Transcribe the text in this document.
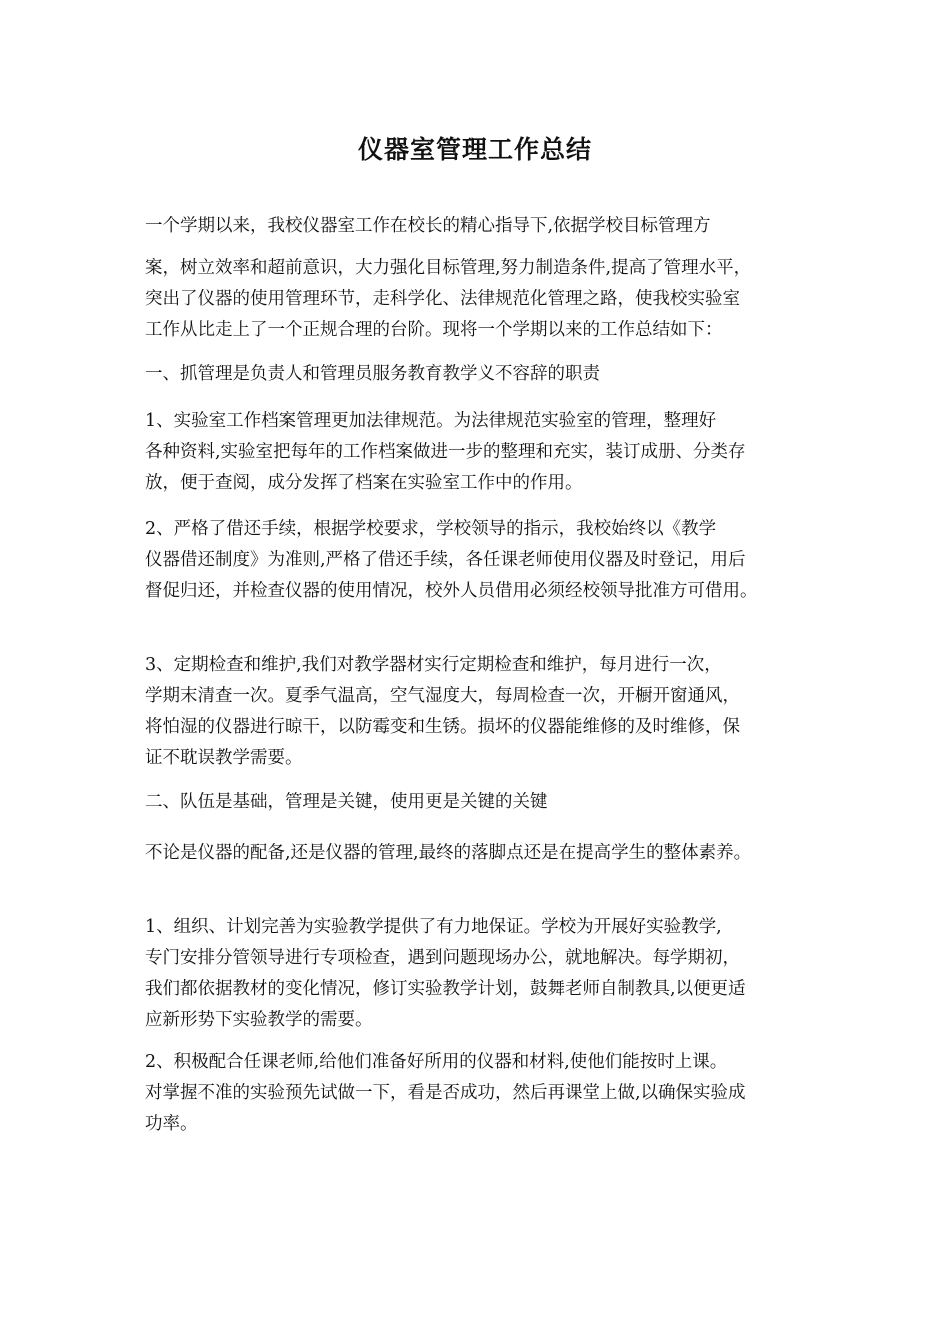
仪器室管理工作总结
一个学期以来，我校仪器室工作在校长的精心指导下,依据学校目标管理方
案，树立效率和超前意识，大力强化目标管理,努力制造条件,提高了管理水平，
突出了仪器的使用管理环节，走科学化、法律规范化管理之路，使我校实验室
工作从比走上了一个正规合理的台阶。现将一个学期以来的工作总结如下：
一、抓管理是负责人和管理员服务教育教学义不容辞的职责
1、实验室工作档案管理更加法律规范。为法律规范实验室的管理，整理好
各种资料,实验室把每年的工作档案做进一步的整理和充实，装订成册、分类存
放，便于查阅，成分发挥了档案在实验室工作中的作用。
2、严格了借还手续，根据学校要求，学校领导的指示，我校始终以《教学
仪器借还制度》为准则,严格了借还手续，各任课老师使用仪器及时登记，用后
督促归还，并检查仪器的使用情况，校外人员借用必须经校领导批准方可借用。
3、定期检查和维护,我们对教学器材实行定期检查和维护，每月进行一次，
学期末清查一次。夏季气温高，空气湿度大，每周检查一次，开橱开窗通风，
将怕湿的仪器进行晾干，以防霉变和生锈。损坏的仪器能维修的及时维修，保
证不耽误教学需要。
二、队伍是基础，管理是关键，使用更是关键的关键
不论是仪器的配备,还是仪器的管理,最终的落脚点还是在提高学生的整体素养。
1、组织、计划完善为实验教学提供了有力地保证。学校为开展好实验教学,
专门安排分管领导进行专项检查，遇到问题现场办公，就地解决。每学期初，
我们都依据教材的变化情况，修订实验教学计划，鼓舞老师自制教具,以便更适
应新形势下实验教学的需要。
2、积极配合任课老师,给他们准备好所用的仪器和材料,使他们能按时上课。
对掌握不准的实验预先试做一下，看是否成功，然后再课堂上做,以确保实验成
功率。
